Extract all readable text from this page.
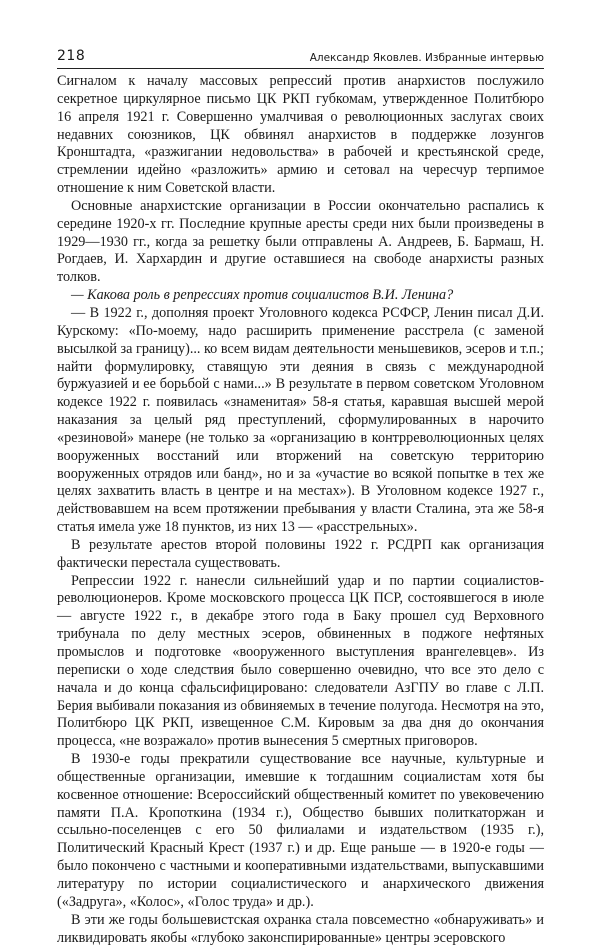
218	Александр Яковлев. Избранные интервью

Сигналом к началу массовых репрессий против анархистов послужило секретное циркулярное письмо ЦК РКП губкомам, утвержденное Политбюро 16 апреля 1921 г. Совершенно умалчивая о революционных заслугах своих недавних союзников, ЦК обвинял анархистов в поддержке лозунгов Кронштадта, «разжигании недовольства» в рабочей и крестьянской среде, стремлении идейно «разложить» армию и сетовал на чересчур терпимое отношение к ним Советской власти.

Основные анархистские организации в России окончательно распались к середине 1920-х гг. Последние крупные аресты среди них были произведены в 1929—1930 гг., когда за решетку были отправлены А. Андреев, Б. Бармаш, Н. Рогдаев, И. Хархардин и другие оставшиеся на свободе анархисты разных толков.

— Какова роль в репрессиях против социалистов В.И. Ленина?

— В 1922 г., дополняя проект Уголовного кодекса РСФСР, Ленин писал Д.И. Курскому: «По-моему, надо расширить применение расстрела (с заменой высылкой за границу)... ко всем видам деятельности меньшевиков, эсеров и т.п.; найти формулировку, ставящую эти деяния в связь с международной буржуазией и ее борьбой с нами...» В результате в первом советском Уголовном кодексе 1922 г. появилась «знаменитая» 58-я статья, каравшая высшей мерой наказания за целый ряд преступлений, сформулированных в нарочито «резиновой» манере (не только за «организацию в контрреволюционных целях вооруженных восстаний или вторжений на советскую территорию вооруженных отрядов или банд», но и за «участие во всякой попытке в тех же целях захватить власть в центре и на местах»). В Уголовном кодексе 1927 г., действовавшем на всем протяжении пребывания у власти Сталина, эта же 58-я статья имела уже 18 пунктов, из них 13 — «расстрельных».

В результате арестов второй половины 1922 г. РСДРП как организация фактически перестала существовать.

Репрессии 1922 г. нанесли сильнейший удар и по партии социалистов-революционеров. Кроме московского процесса ЦК ПСР, состоявшегося в июле — августе 1922 г., в декабре этого года в Баку прошел суд Верховного трибунала по делу местных эсеров, обвиненных в поджоге нефтяных промыслов и подготовке «вооруженного выступления врангелевцев». Из переписки о ходе следствия было совершенно очевидно, что все это дело с начала и до конца сфальсифицировано: следователи АзГПУ во главе с Л.П. Берия выбивали показания из обвиняемых в течение полугода. Несмотря на это, Политбюро ЦК РКП, извещенное С.М. Кировым за два дня до окончания процесса, «не возражало» против вынесения 5 смертных приговоров.

В 1930-е годы прекратили существование все научные, культурные и общественные организации, имевшие к тогдашним социалистам хотя бы косвенное отношение: Всероссийский общественный комитет по увековечению памяти П.А. Кропоткина (1934 г.), Общество бывших политкаторжан и ссыльно-поселенцев с его 50 филиалами и издательством (1935 г.), Политический Красный Крест (1937 г.) и др. Еще раньше — в 1920-е годы — было покончено с частными и кооперативными издательствами, выпускавшими литературу по истории социалистического и анархического движения («Задруга», «Колос», «Голос труда» и др.).

В эти же годы большевистская охранка стала повсеместно «обнаруживать» и ликвидировать якобы «глубоко законспирированные» центры эсеровского
